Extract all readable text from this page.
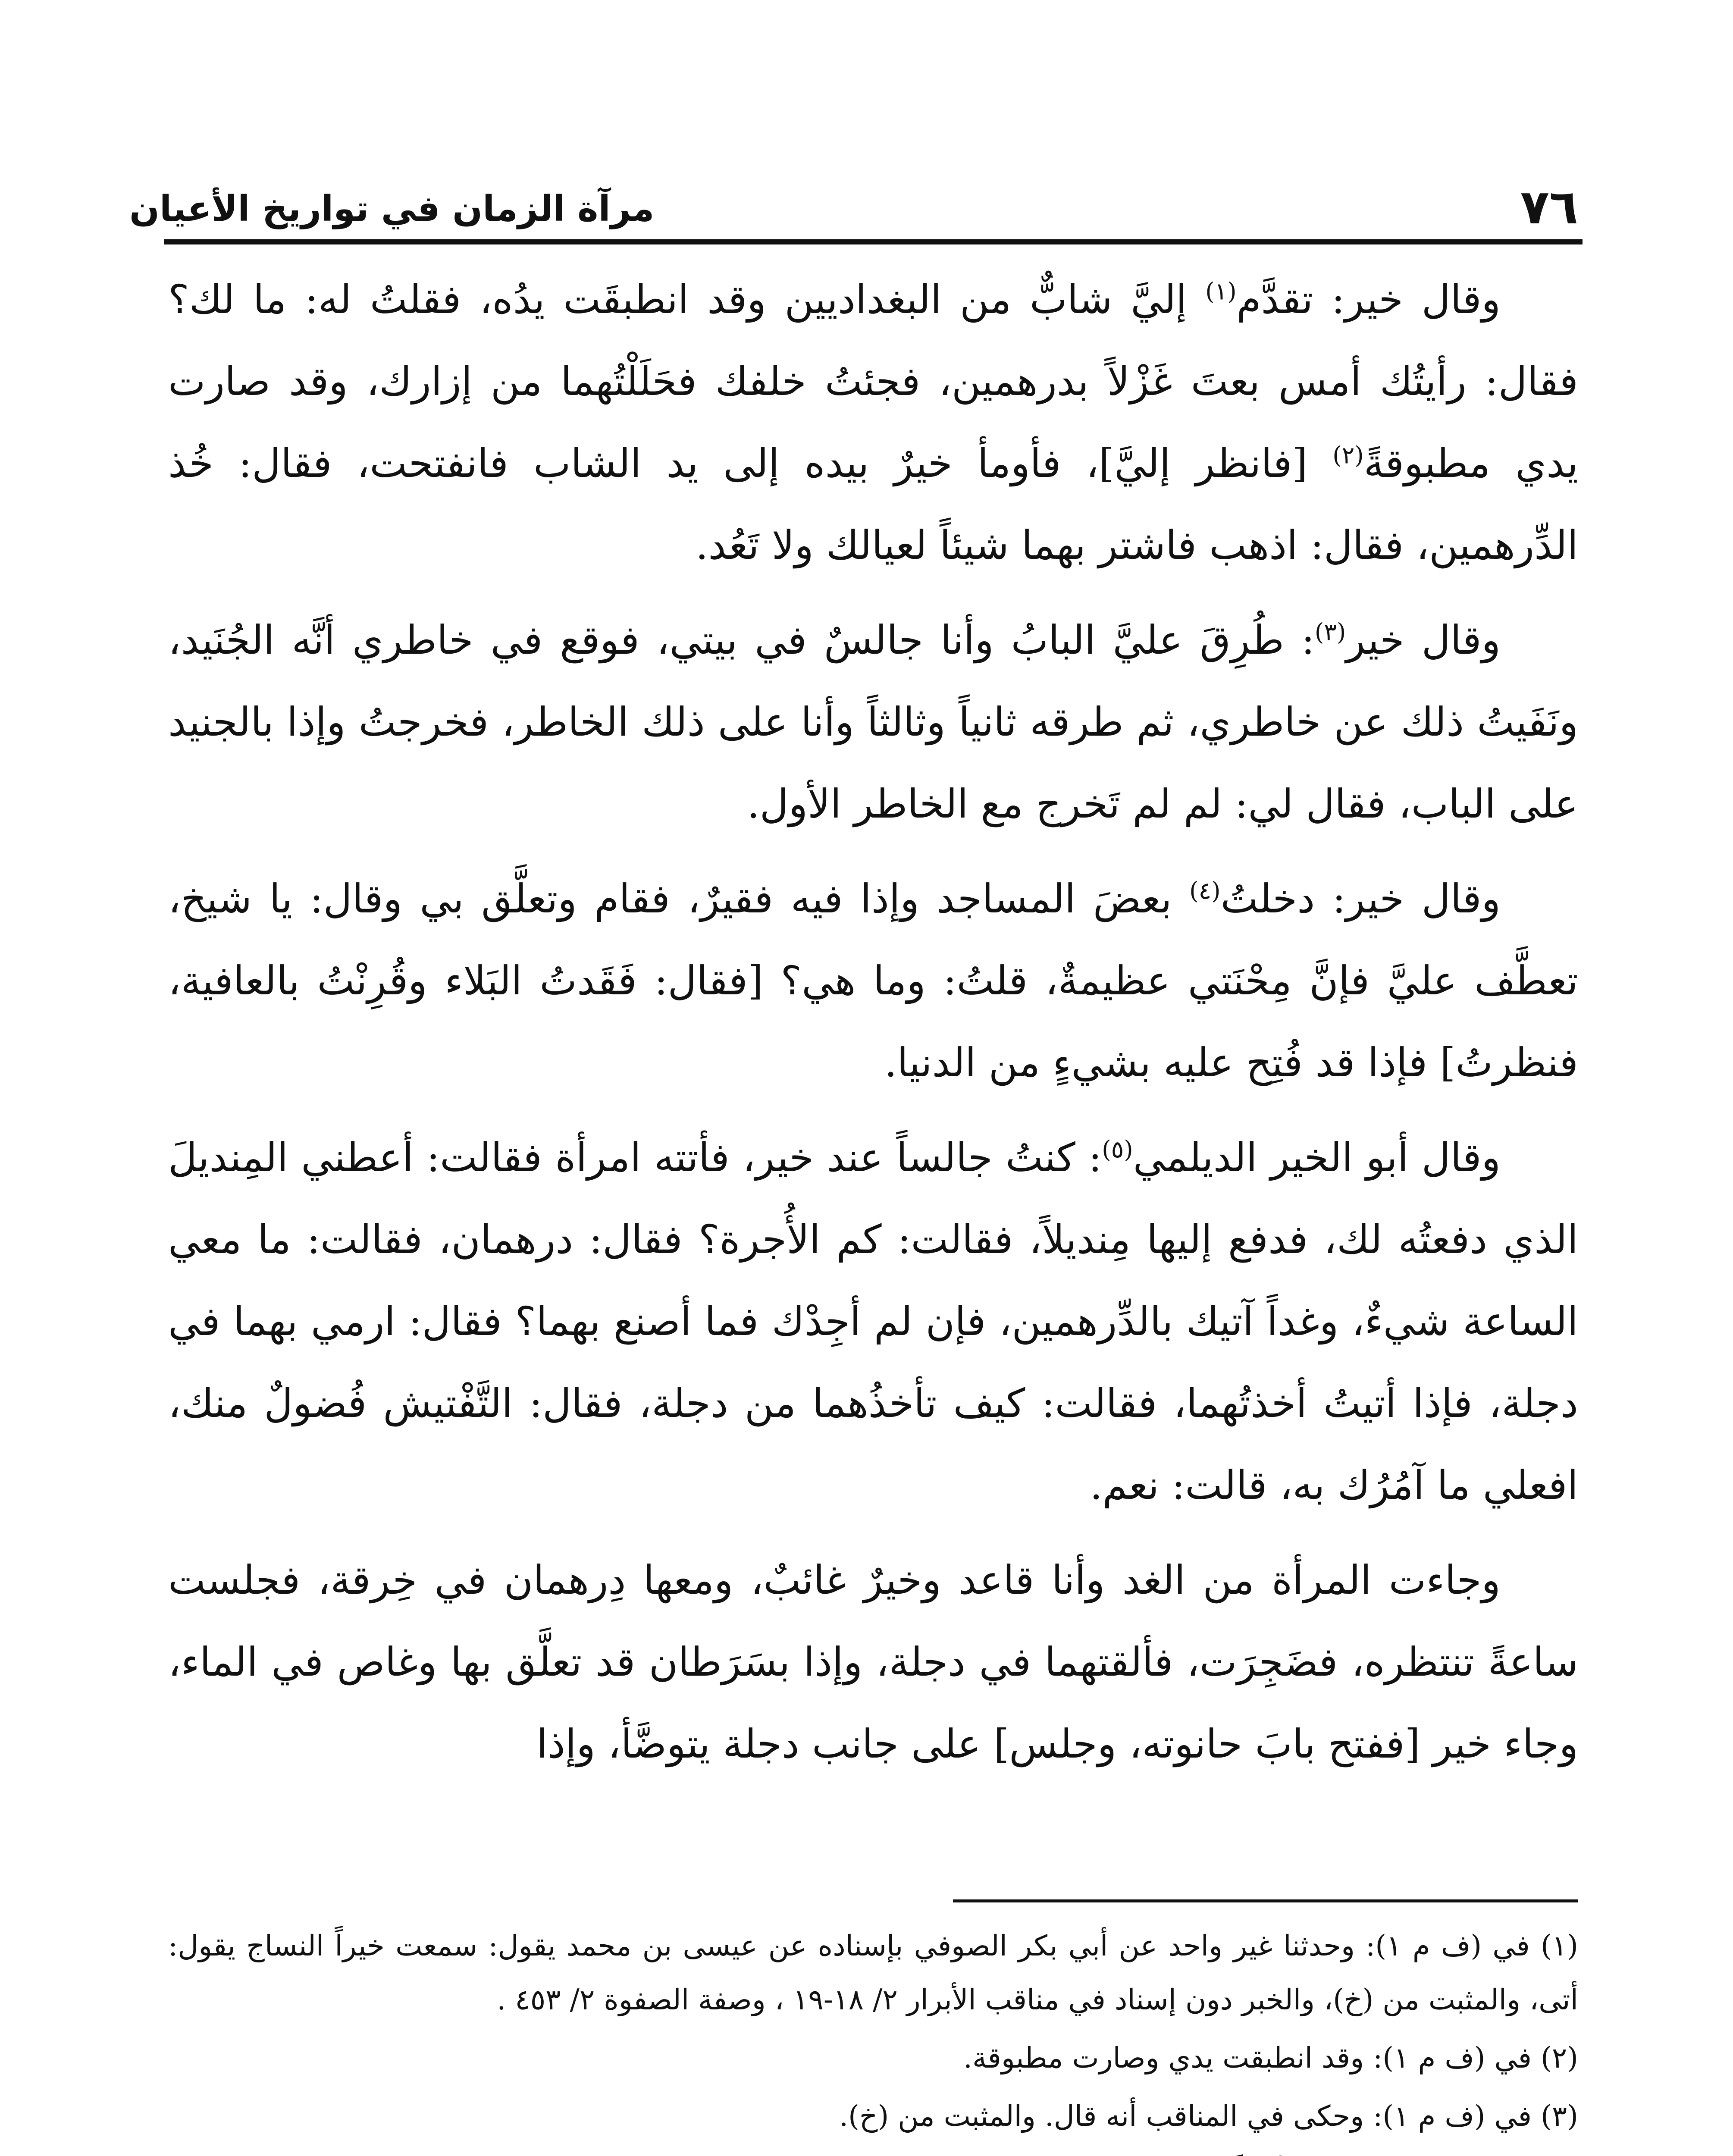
٧٦
مرآة الزمان في تواريخ الأعيان

وقال خير: تقدَّم$^{(١)}$ إليَّ شابٌّ من البغداديين وقد انطبقَت يدُه، فقلتُ له: ما لك؟ فقال: رأيتُك أمس بعتَ غَزْلاً بدرهمين، فجئتُ خلفك فحَلَلْتُهما من إزارك، وقد صارت يدي مطبوقةً$^{(٢)}$ [فانظر إليَّ]، فأومأ خيرٌ بيده إلى يد الشاب فانفتحت، فقال: خُذ الدِّرهمين، فقال: اذهب فاشتر بهما شيئاً لعيالك ولا تَعُد.

وقال خير$^{(٣)}$: طُرِقَ عليَّ البابُ وأنا جالسٌ في بيتي، فوقع في خاطري أنَّه الجُنَيد، ونَفَيتُ ذلك عن خاطري، ثم طرقه ثانياً وثالثاً وأنا على ذلك الخاطر، فخرجتُ وإذا بالجنيد على الباب، فقال لي: لم لم تَخرج مع الخاطر الأول.

وقال خير: دخلتُ$^{(٤)}$ بعضَ المساجد وإذا فيه فقيرٌ، فقام وتعلَّق بي وقال: يا شيخ، تعطَّف عليَّ فإنَّ مِحْنَتي عظيمةٌ، قلتُ: وما هي؟ [فقال: فَقَدتُ البَلاء وقُرِنْتُ بالعافية، فنظرتُ] فإذا قد فُتِح عليه بشيءٍ من الدنيا.

وقال أبو الخير الديلمي$^{(٥)}$: كنتُ جالساً عند خير، فأتته امرأة فقالت: أعطني المِنديلَ الذي دفعتُه لك، فدفع إليها مِنديلاً، فقالت: كم الأُجرة؟ فقال: درهمان، فقالت: ما معي الساعة شيءٌ، وغداً آتيك بالدِّرهمين، فإن لم أجِدْك فما أصنع بهما؟ فقال: ارمي بهما في دجلة، فإذا أتيتُ أخذتُهما، فقالت: كيف تأخذُهما من دجلة، فقال: التَّفْتيش فُضولٌ منك، افعلي ما آمُرُك به، قالت: نعم.

وجاءت المرأة من الغد وأنا قاعد وخيرٌ غائبٌ، ومعها دِرهمان في خِرقة، فجلست ساعةً تنتظره، فضَجِرَت، فألقتهما في دجلة، وإذا بسَرَطان قد تعلَّق بها وغاص في الماء، وجاء خير [ففتح بابَ حانوته، وجلس] على جانب دجلة يتوضَّأ، وإذا

(١) في (ف م ١): وحدثنا غير واحد عن أبي بكر الصوفي بإسناده عن عيسى بن محمد يقول: سمعت خيراً النساج يقول: أتى، والمثبت من (خ)، والخبر دون إسناد في مناقب الأبرار ٢/ ١٨-١٩ ، وصفة الصفوة ٢/ ٤٥٣ .

(٢) في (ف م ١): وقد انطبقت يدي وصارت مطبوقة.

(٣) في (ف م ١): وحكى في المناقب أنه قال. والمثبت من (خ).
